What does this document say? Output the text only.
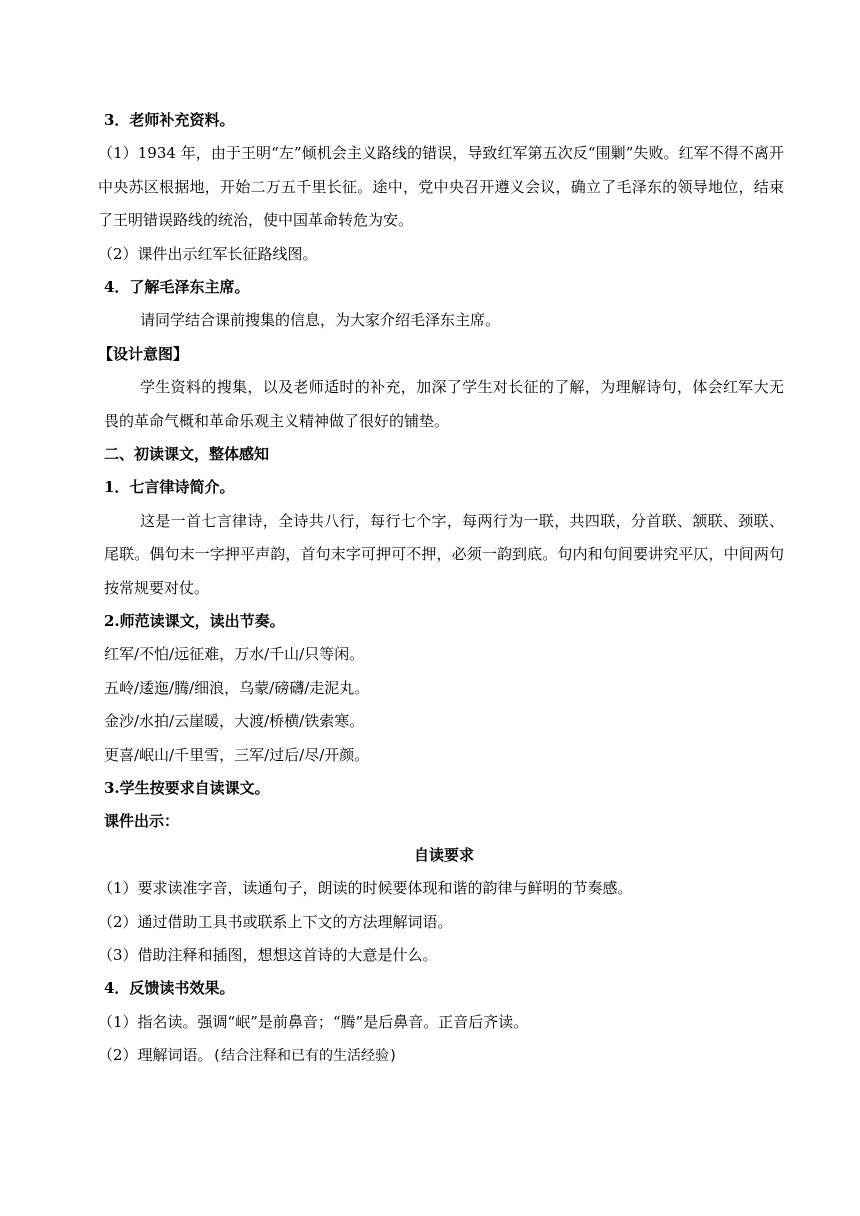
3．老师补充资料。

（1）1934 年，由于王明“左”倾机会主义路线的错误，导致红军第五次反“围剿”失败。红军不得不离开中央苏区根据地，开始二万五千里长征。途中，党中央召开遵义会议，确立了毛泽东的领导地位，结束了王明错误路线的统治，使中国革命转危为安。

（2）课件出示红军长征路线图。
4．了解毛泽东主席。
请同学结合课前搜集的信息，为大家介绍毛泽东主席。
【设计意图】

学生资料的搜集，以及老师适时的补充，加深了学生对长征的了解，为理解诗句，体会红军大无畏的革命气概和革命乐观主义精神做了很好的铺垫。

二、初读课文，整体感知
1．七言律诗简介。

这是一首七言律诗，全诗共八行，每行七个字，每两行为一联，共四联，分首联、颔联、颈联、尾联。偶句末一字押平声韵，首句末字可押可不押，必须一韵到底。句内和句间要讲究平仄，中间两句按常规要对仗。

2.师范读课文，读出节奏。
红军/不怕/远征难，万水/千山/只等闲。
五岭/逶迤/腾/细浪，乌蒙/磅礴/走泥丸。
金沙/水拍/云崖暖，大渡/桥横/铁索寒。
更喜/岷山/千里雪，三军/过后/尽/开颜。
3.学生按要求自读课文。
课件出示：
自读要求
（1）要求读准字音，读通句子，朗读的时候要体现和谐的韵律与鲜明的节奏感。
（2）通过借助工具书或联系上下文的方法理解词语。
（3）借助注释和插图，想想这首诗的大意是什么。
4．反馈读书效果。
（1）指名读。强调“岷”是前鼻音；“腾”是后鼻音。正音后齐读。
（2）理解词语。(结合注释和已有的生活经验)
